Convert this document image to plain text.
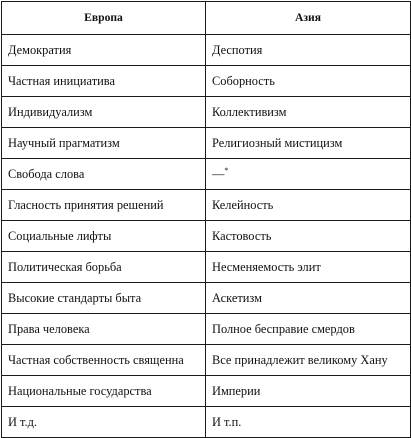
Европа	Азия
Демократия	Деспотия
Частная инициатива	Соборность
Индивидуализм	Коллективизм
Научный прагматизм	Религиозный мистицизм
Свобода слова	—*
Гласность принятия решений	Келейность
Социальные лифты	Кастовость
Политическая борьба	Несменяемость элит
Высокие стандарты быта	Аскетизм
Права человека	Полное бесправие смердов
Частная собственность священна	Все принадлежит великому Хану
Национальные государства	Империи
И т.д.	И т.п.
